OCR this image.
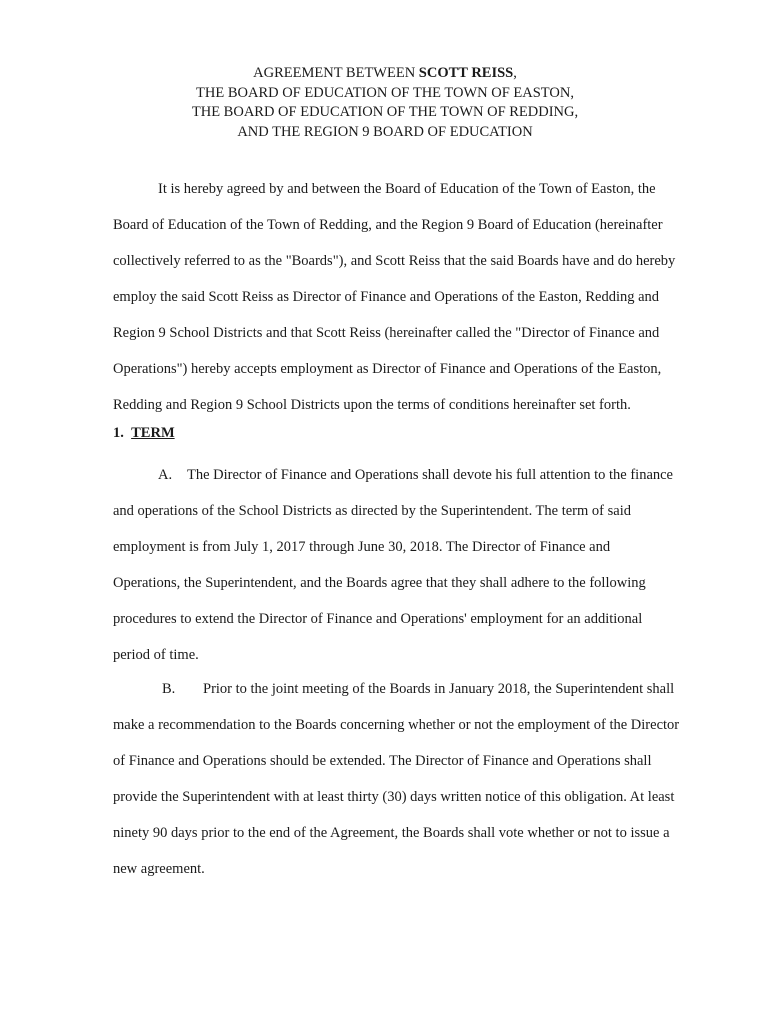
AGREEMENT BETWEEN SCOTT REISS,
THE BOARD OF EDUCATION OF THE TOWN OF EASTON,
THE BOARD OF EDUCATION OF THE TOWN OF REDDING,
AND THE REGION 9 BOARD OF EDUCATION
It is hereby agreed by and between the Board of Education of the Town of Easton, the
Board of Education of the Town of Redding, and the Region 9 Board of Education (hereinafter
collectively referred to as the "Boards"), and Scott Reiss that the said Boards have and do hereby
employ the said Scott Reiss as Director of Finance and Operations of the Easton, Redding and
Region 9 School Districts and that Scott Reiss (hereinafter called the "Director of Finance and
Operations") hereby accepts employment as Director of Finance and Operations of the Easton,
Redding and Region 9 School Districts upon the terms of conditions hereinafter set forth.
1. TERM
A. The Director of Finance and Operations shall devote his full attention to the finance
and operations of the School Districts as directed by the Superintendent. The term of said
employment is from July 1, 2017 through June 30, 2018. The Director of Finance and
Operations, the Superintendent, and the Boards agree that they shall adhere to the following
procedures to extend the Director of Finance and Operations' employment for an additional
period of time.
B. Prior to the joint meeting of the Boards in January 2018, the Superintendent shall
make a recommendation to the Boards concerning whether or not the employment of the Director
of Finance and Operations should be extended. The Director of Finance and Operations shall
provide the Superintendent with at least thirty (30) days written notice of this obligation. At least
ninety 90 days prior to the end of the Agreement, the Boards shall vote whether or not to issue a
new agreement.
